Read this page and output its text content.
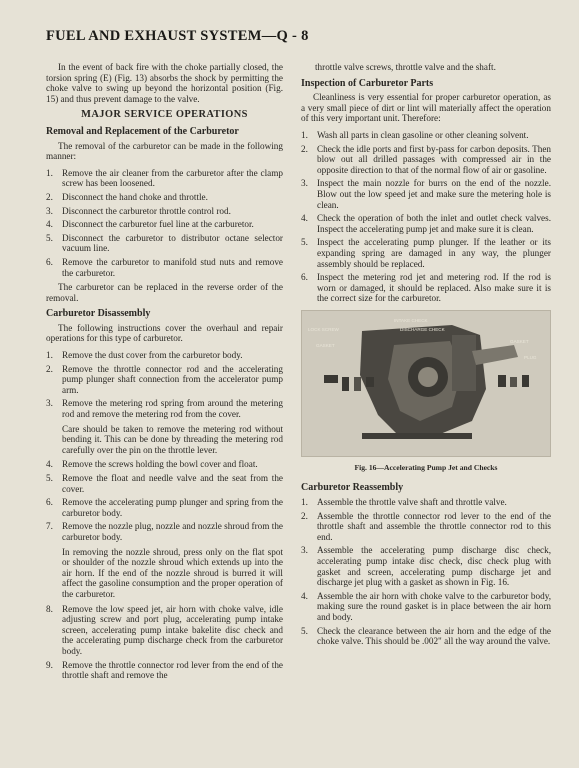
FUEL AND EXHAUST SYSTEM—Q - 8

In the event of back fire with the choke partially closed, the torsion spring (E) (Fig. 13) absorbs the shock by permitting the choke valve to swing up beyond the horizontal position (Fig. 15) and thus prevent damage to the valve.

MAJOR SERVICE OPERATIONS
Removal and Replacement of the Carburetor

The removal of the carburetor can be made in the following manner:

1. Remove the air cleaner from the carburetor after the clamp screw has been loosened.
2. Disconnect the hand choke and throttle.
3. Disconnect the carburetor throttle control rod.
4. Disconnect the carburetor fuel line at the carburetor.
5. Disconnect the carburetor to distributor octane selector vacuum line.
6. Remove the carburetor to manifold stud nuts and remove the carburetor.

The carburetor can be replaced in the reverse order of the removal.

Carburetor Disassembly

The following instructions cover the overhaul and repair operations for this type of carburetor.

1. Remove the dust cover from the carburetor body.
2. Remove the throttle connector rod and the accelerating pump plunger shaft connection from the accelerator pump arm.
3. Remove the metering rod spring from around the metering rod and remove the metering rod from the cover.

Care should be taken to remove the metering rod without bending it. This can be done by threading the metering rod carefully over the pin on the throttle lever.

4. Remove the screws holding the bowl cover and float.
5. Remove the float and needle valve and the seat from the cover.
6. Remove the accelerating pump plunger and spring from the carburetor body.
7. Remove the nozzle plug, nozzle and nozzle shroud from the carburetor body.

In removing the nozzle shroud, press only on the flat spot or shoulder of the nozzle shroud which extends up into the air horn. If the end of the nozzle shroud is burred it will affect the gasoline consumption and the proper operation of the carburetor.

8. Remove the low speed jet, air horn with choke valve, idle adjusting screw and port plug, accelerating pump intake screen, accelerating pump intake bakelite disc check and the accelerating pump discharge check from the carburetor body.
9. Remove the throttle connector rod lever from the end of the throttle shaft and remove the

throttle valve screws, throttle valve and the shaft.

Inspection of Carburetor Parts

Cleanliness is very essential for proper carburetor operation, as a very small piece of dirt or lint will materially affect the operation of this very important unit. Therefore:

1. Wash all parts in clean gasoline or other cleaning solvent.
2. Check the idle ports and first by-pass for carbon deposits. Then blow out all drilled passages with compressed air in the opposite direction to that of the normal flow of air or gasoline.
3. Inspect the main nozzle for burrs on the end of the nozzle. Blow out the low speed jet and make sure the metering hole is clean.
4. Check the operation of both the inlet and outlet check valves. Inspect the accelerating pump jet and make sure it is clean.
5. Inspect the accelerating pump plunger. If the leather or its expanding spring are damaged in any way, the plunger assembly should be replaced.
6. Inspect the metering rod jet and metering rod. If the rod is worn or damaged, it should be replaced. Also make sure it is the correct size for the carburetor.
INTAKE CHECK
LOCK SCREW	DISCHARGE CHECK
GASKET
GASKET
PLUG
Fig. 16—Accelerating Pump Jet and Checks
Carburetor Reassembly
1. Assemble the throttle valve shaft and throttle valve.
2. Assemble the throttle connector rod lever to the end of the throttle shaft and assemble the throttle connector rod to this end.
3. Assemble the accelerating pump discharge disc check, accelerating pump intake disc check, disc check plug with gasket and screen, accelerating pump discharge jet and discharge jet plug with a gasket as shown in Fig. 16.
4. Assemble the air horn with choke valve to the carburetor body, making sure the round gasket is in place between the air horn and body.
5. Check the clearance between the air horn and the edge of the choke valve. This should be .002" all the way around the valve.
